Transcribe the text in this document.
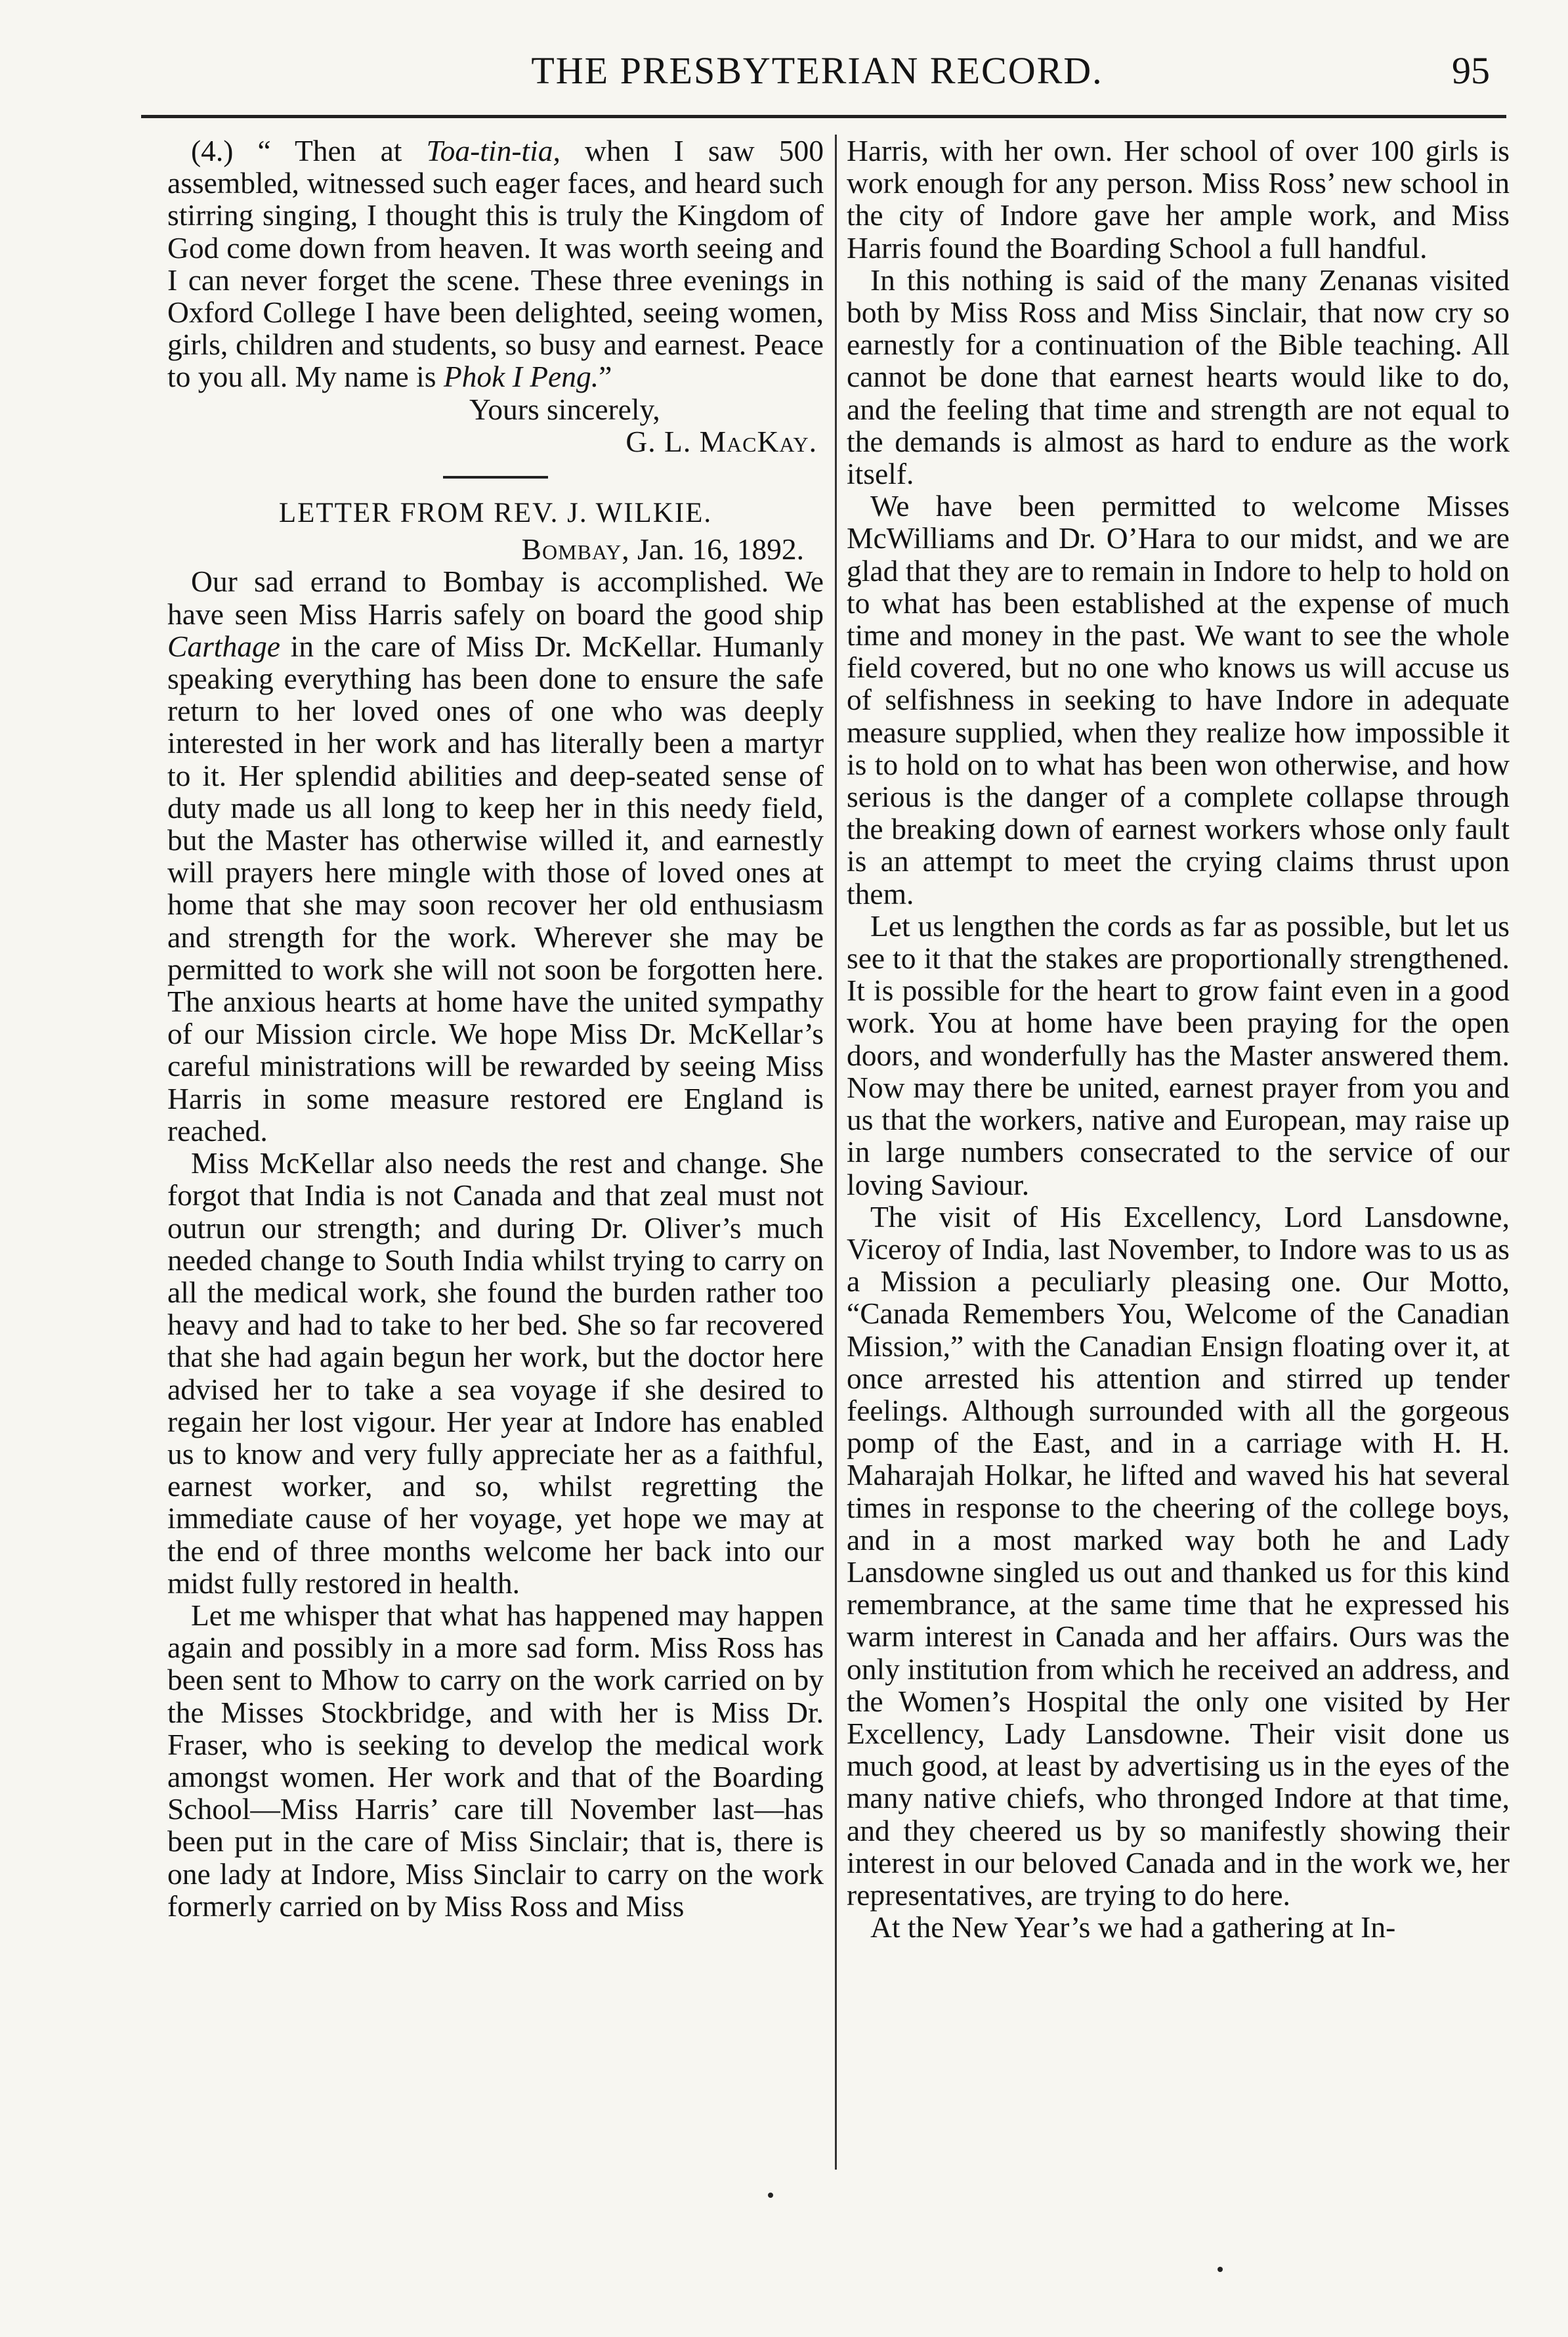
THE PRESBYTERIAN RECORD.	95

(4.) “ Then at Toa-tin-tia, when I saw 500 assembled, witnessed such eager faces, and heard such stirring singing, I thought this is truly the Kingdom of God come down from heaven. It was worth seeing and I can never forget the scene. These three evenings in Oxford College I have been delighted, seeing women, girls, children and students, so busy and earnest. Peace to you all. My name is Phok I Peng.”

Yours sincerely,

G. L. MacKay.

LETTER FROM REV. J. WILKIE.

Bombay, Jan. 16, 1892.

Our sad errand to Bombay is accomplished. We have seen Miss Harris safely on board the good ship Carthage in the care of Miss Dr. McKellar. Humanly speaking everything has been done to ensure the safe return to her loved ones of one who was deeply interested in her work and has literally been a martyr to it. Her splendid abilities and deep-seated sense of duty made us all long to keep her in this needy field, but the Master has otherwise willed it, and earnestly will prayers here mingle with those of loved ones at home that she may soon recover her old enthusiasm and strength for the work. Wherever she may be permitted to work she will not soon be forgotten here. The anxious hearts at home have the united sympathy of our Mission circle. We hope Miss Dr. McKellar’s careful ministrations will be rewarded by seeing Miss Harris in some measure restored ere England is reached.

Miss McKellar also needs the rest and change. She forgot that India is not Canada and that zeal must not outrun our strength; and during Dr. Oliver’s much needed change to South India whilst trying to carry on all the medical work, she found the burden rather too heavy and had to take to her bed. She so far recovered that she had again begun her work, but the doctor here advised her to take a sea voyage if she desired to regain her lost vigour. Her year at Indore has enabled us to know and very fully appreciate her as a faithful, earnest worker, and so, whilst regretting the immediate cause of her voyage, yet hope we may at the end of three months welcome her back into our midst fully restored in health.

Let me whisper that what has happened may happen again and possibly in a more sad form. Miss Ross has been sent to Mhow to carry on the work carried on by the Misses Stockbridge, and with her is Miss Dr. Fraser, who is seeking to develop the medical work amongst women. Her work and that of the Boarding School—Miss Harris’ care till November last—has been put in the care of Miss Sinclair; that is, there is one lady at Indore, Miss Sinclair to carry on the work formerly carried on by Miss Ross and Miss

Harris, with her own. Her school of over 100 girls is work enough for any person. Miss Ross’ new school in the city of Indore gave her ample work, and Miss Harris found the Boarding School a full handful.

In this nothing is said of the many Zenanas visited both by Miss Ross and Miss Sinclair, that now cry so earnestly for a continuation of the Bible teaching. All cannot be done that earnest hearts would like to do, and the feeling that time and strength are not equal to the demands is almost as hard to endure as the work itself.

We have been permitted to welcome Misses McWilliams and Dr. O’Hara to our midst, and we are glad that they are to remain in Indore to help to hold on to what has been established at the expense of much time and money in the past. We want to see the whole field covered, but no one who knows us will accuse us of selfishness in seeking to have Indore in adequate measure supplied, when they realize how impossible it is to hold on to what has been won otherwise, and how serious is the danger of a complete collapse through the breaking down of earnest workers whose only fault is an attempt to meet the crying claims thrust upon them.

Let us lengthen the cords as far as possible, but let us see to it that the stakes are proportionally strengthened. It is possible for the heart to grow faint even in a good work. You at home have been praying for the open doors, and wonderfully has the Master answered them. Now may there be united, earnest prayer from you and us that the workers, native and European, may raise up in large numbers consecrated to the service of our loving Saviour.

The visit of His Excellency, Lord Lansdowne, Viceroy of India, last November, to Indore was to us as a Mission a peculiarly pleasing one. Our Motto, “Canada Remembers You, Welcome of the Canadian Mission,” with the Canadian Ensign floating over it, at once arrested his attention and stirred up tender feelings. Although surrounded with all the gorgeous pomp of the East, and in a carriage with H. H. Maharajah Holkar, he lifted and waved his hat several times in response to the cheering of the college boys, and in a most marked way both he and Lady Lansdowne singled us out and thanked us for this kind remembrance, at the same time that he expressed his warm interest in Canada and her affairs. Ours was the only institution from which he received an address, and the Women’s Hospital the only one visited by Her Excellency, Lady Lansdowne. Their visit done us much good, at least by advertising us in the eyes of the many native chiefs, who thronged Indore at that time, and they cheered us by so manifestly showing their interest in our beloved Canada and in the work we, her representatives, are trying to do here.

At the New Year’s we had a gathering at In-
